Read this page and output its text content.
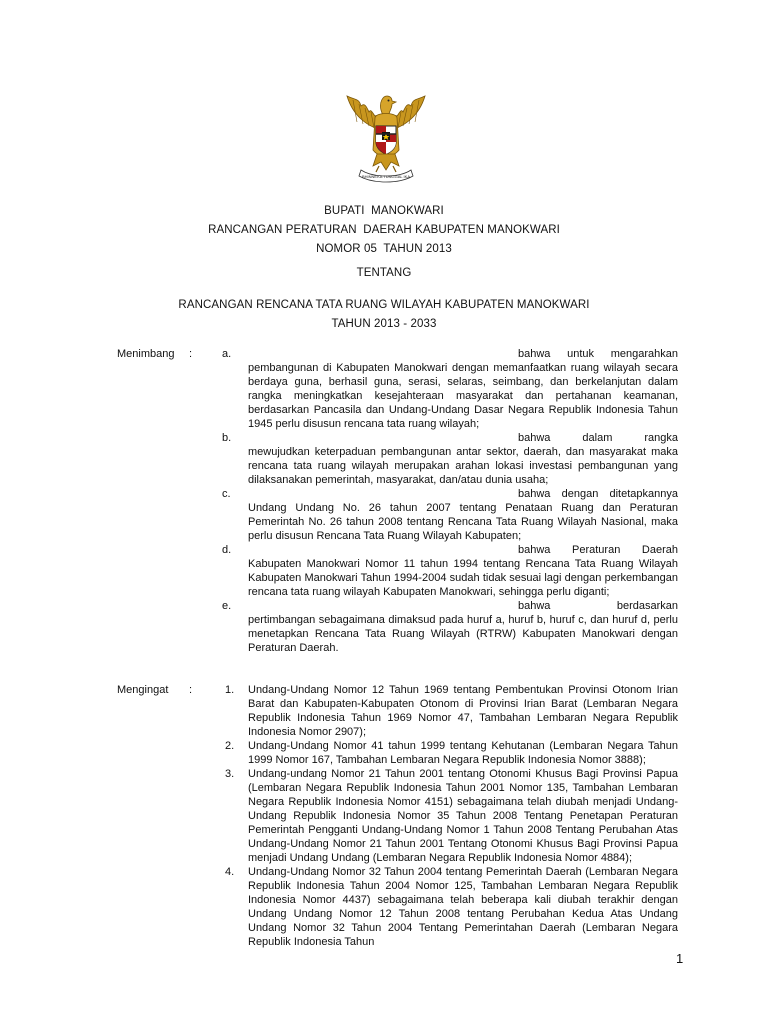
BHINNEKA TUNGGAL IKA
BUPATI  MANOKWARI
RANCANGAN PERATURAN  DAERAH KABUPATEN MANOKWARI
NOMOR 05  TAHUN 2013
TENTANG
RANCANGAN RENCANA TATA RUANG WILAYAH KABUPATEN MANOKWARI
TAHUN 2013 - 2033
Menimbang :	a.	bahwa untuk mengarahkan
pembangunan di Kabupaten Manokwari dengan memanfaatkan ruang wilayah secara berdaya guna, berhasil guna, serasi, selaras, seimbang, dan berkelanjutan dalam rangka meningkatkan kesejahteraan masyarakat dan pertahanan keamanan, berdasarkan Pancasila dan Undang-Undang Dasar Negara Republik Indonesia Tahun 1945 perlu disusun rencana tata ruang wilayah;
b.	bahwa dalam rangka
mewujudkan keterpaduan pembangunan antar sektor, daerah, dan masyarakat maka rencana tata ruang wilayah merupakan arahan lokasi investasi pembangunan yang dilaksanakan pemerintah, masyarakat, dan/atau dunia usaha;
c.	bahwa dengan ditetapkannya
Undang Undang No. 26 tahun 2007 tentang Penataan Ruang dan Peraturan Pemerintah No. 26 tahun 2008 tentang Rencana Tata Ruang Wilayah Nasional, maka perlu disusun Rencana Tata Ruang Wilayah Kabupaten;
d.	bahwa Peraturan Daerah
Kabupaten Manokwari Nomor 11 tahun 1994 tentang Rencana Tata Ruang Wilayah Kabupaten Manokwari Tahun 1994-2004 sudah tidak sesuai lagi dengan perkembangan rencana tata ruang wilayah Kabupaten Manokwari, sehingga perlu diganti;
e.	bahwa berdasarkan
pertimbangan sebagaimana dimaksud pada huruf a, huruf b, huruf c, dan huruf d, perlu menetapkan Rencana Tata Ruang Wilayah (RTRW) Kabupaten Manokwari dengan Peraturan Daerah.
Mengingat :	1. Undang-Undang Nomor 12 Tahun 1969 tentang Pembentukan Provinsi Otonom Irian Barat dan Kabupaten-Kabupaten Otonom di Provinsi Irian Barat (Lembaran Negara Republik Indonesia Tahun 1969 Nomor 47, Tambahan Lembaran Negara Republik Indonesia Nomor 2907);
2. Undang-Undang Nomor 41 tahun 1999 tentang Kehutanan (Lembaran Negara Tahun 1999 Nomor 167, Tambahan Lembaran Negara Republik Indonesia Nomor 3888);
3. Undang-undang Nomor 21 Tahun 2001 tentang Otonomi Khusus Bagi Provinsi Papua (Lembaran Negara Republik Indonesia Tahun 2001 Nomor 135, Tambahan Lembaran Negara Republik Indonesia Nomor 4151) sebagaimana telah diubah menjadi Undang-Undang Republik Indonesia Nomor 35 Tahun 2008 Tentang Penetapan Peraturan Pemerintah Pengganti Undang-Undang Nomor 1 Tahun 2008 Tentang Perubahan Atas Undang-Undang Nomor 21 Tahun 2001 Tentang Otonomi Khusus Bagi Provinsi Papua menjadi Undang Undang (Lembaran Negara Republik Indonesia Nomor 4884);
4. Undang-Undang Nomor 32 Tahun 2004 tentang Pemerintah Daerah (Lembaran Negara Republik Indonesia Tahun 2004 Nomor 125, Tambahan Lembaran Negara Republik Indonesia Nomor 4437) sebagaimana telah beberapa kali diubah terakhir dengan Undang Undang Nomor 12 Tahun 2008 tentang Perubahan Kedua Atas Undang Undang Nomor 32 Tahun 2004 Tentang Pemerintahan Daerah (Lembaran Negara Republik Indonesia Tahun
1
